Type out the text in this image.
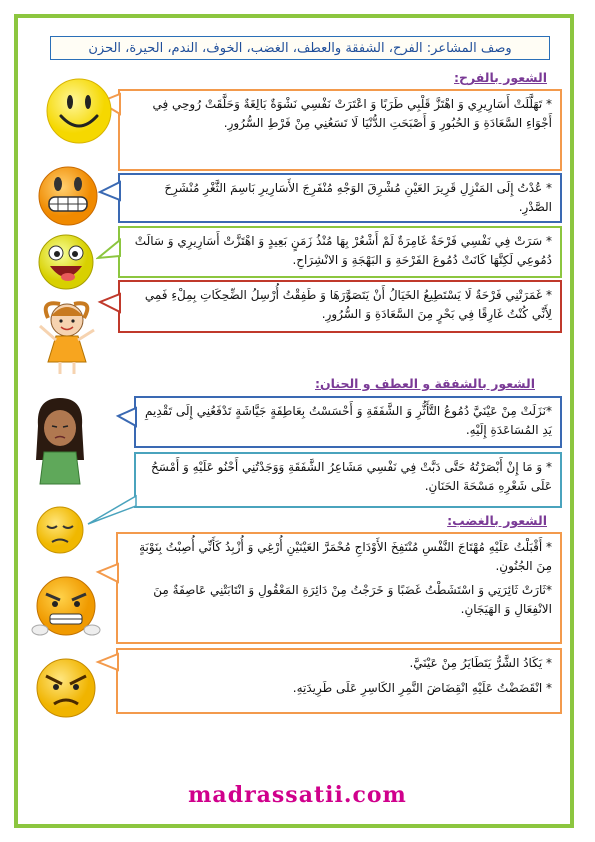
وصف المشاعر: الفرح، الشفقة والعطف، الغضب، الخوف، الندم، الحيرة، الحزن
الشعور بالفرح:

* تَهَلَّلَتْ أَسَارِيرِي وَ اهْتَزَّ قَلْبِي طَرَبًا وَ اعْتَرَتْ نَفْسِي نَشْوَةٌ بَالِغَةٌ وَحَلَّقَتْ رُوحِي فِي أَجْوَاءِ السَّعَادَةِ وَ الحُبُورِ وَ أَصْبَحَتِ الدُّنْيَا لَا تَسَعُنِي مِنْ فَرْطِ السُّرُورِ.

* عُدْتُ إِلَى المَنْزِلِ قَرِيرَ العَيْنِ مُشْرِقَ الوَجْهِ مُنْفَرِجَ الأَسَارِيرِ بَاسِمَ الثَّغْرِ مُنْشَرِحَ الصَّدْرِ.

* سَرَتْ فِي نَفْسِي فَرْحَةٌ غَامِرَةٌ لَمْ أَشْعُرْ بِهَا مُنْذُ زَمَنٍ بَعِيدٍ وَ اهْتَزَّتْ أَسَارِيرِي وَ سَالَتْ دُمُوعِي لَكِنَّهَا كَانَتْ دُمُوعَ الفَرْحَةِ وَ البَهْجَةِ وَ الانْشِرَاحِ.

* غَمَرَتْنِي فَرْحَةٌ لَا يَسْتَطِيعُ الخَيَالُ أَنْ يَتَصَوَّرَهَا وَ طَفِقْتُ أُرْسِلُ الضِّحِكَاتِ بِمِلْءِ فَمِي لِأَنِّي كُنْتُ غَارِقًا فِي بَحْرٍ مِنَ السَّعَادَةِ وَ السُّرُورِ.

الشعور بالشفقة و العطف و الحنان:

*نَزَلَتْ مِنْ عَيْنَيَّ دُمُوعُ التَّأَثُّرِ وَ الشَّفَقَةِ وَ أَحْسَسْتُ بِعَاطِفَةٍ جَيَّاشَةٍ تَدْفَعُنِي إِلَى تَقْدِيمِ يَدِ المُسَاعَدَةِ إِلَيْهِ.

* وَ مَا إِنْ أَبْصَرْتُهُ حَتَّى دَبَّتْ فِي نَفْسِي مَشَاعِرُ الشَّفَقَةِ وَوَجَدْتُنِي أَحْنُو عَلَيْهِ وَ أَمْسَحُ عَلَى شَعْرِهِ مَسْحَةَ الحَنَانِ.

الشعور بالغضب:

* أَقْبَلْتُ عَلَيْهِ مُهْتَاجَ النَّفْسِ مُنْتَفِخَ الأَوْدَاجِ مُحْمَرَّ العَيْنَيْنِ أُرْغِي وَ أُزْبِدُ كَأَنِّي أُصِبْتُ بِنَوْبَةٍ مِنَ الجُنُونِ.

*ثَارَتْ ثَائِرَتِي وَ اسْتَشَطْتُ غَضَبًا وَ خَرَجْتُ مِنْ دَائِرَةِ المَعْقُولِ وَ انْتَابَتْنِي عَاصِفَةٌ مِنَ الانْفِعَالِ وَ الهَيَجَانِ.

* يَكَادُ الشَّرُّ يَتَطَايَرُ مِنْ عَيْنَيَّ.

* انْقَضَضْتُ عَلَيْهِ انْقِضَاضَ النَّمِرِ الكَاسِرِ عَلَى طَرِيدَتِهِ.

madrassatii.com
